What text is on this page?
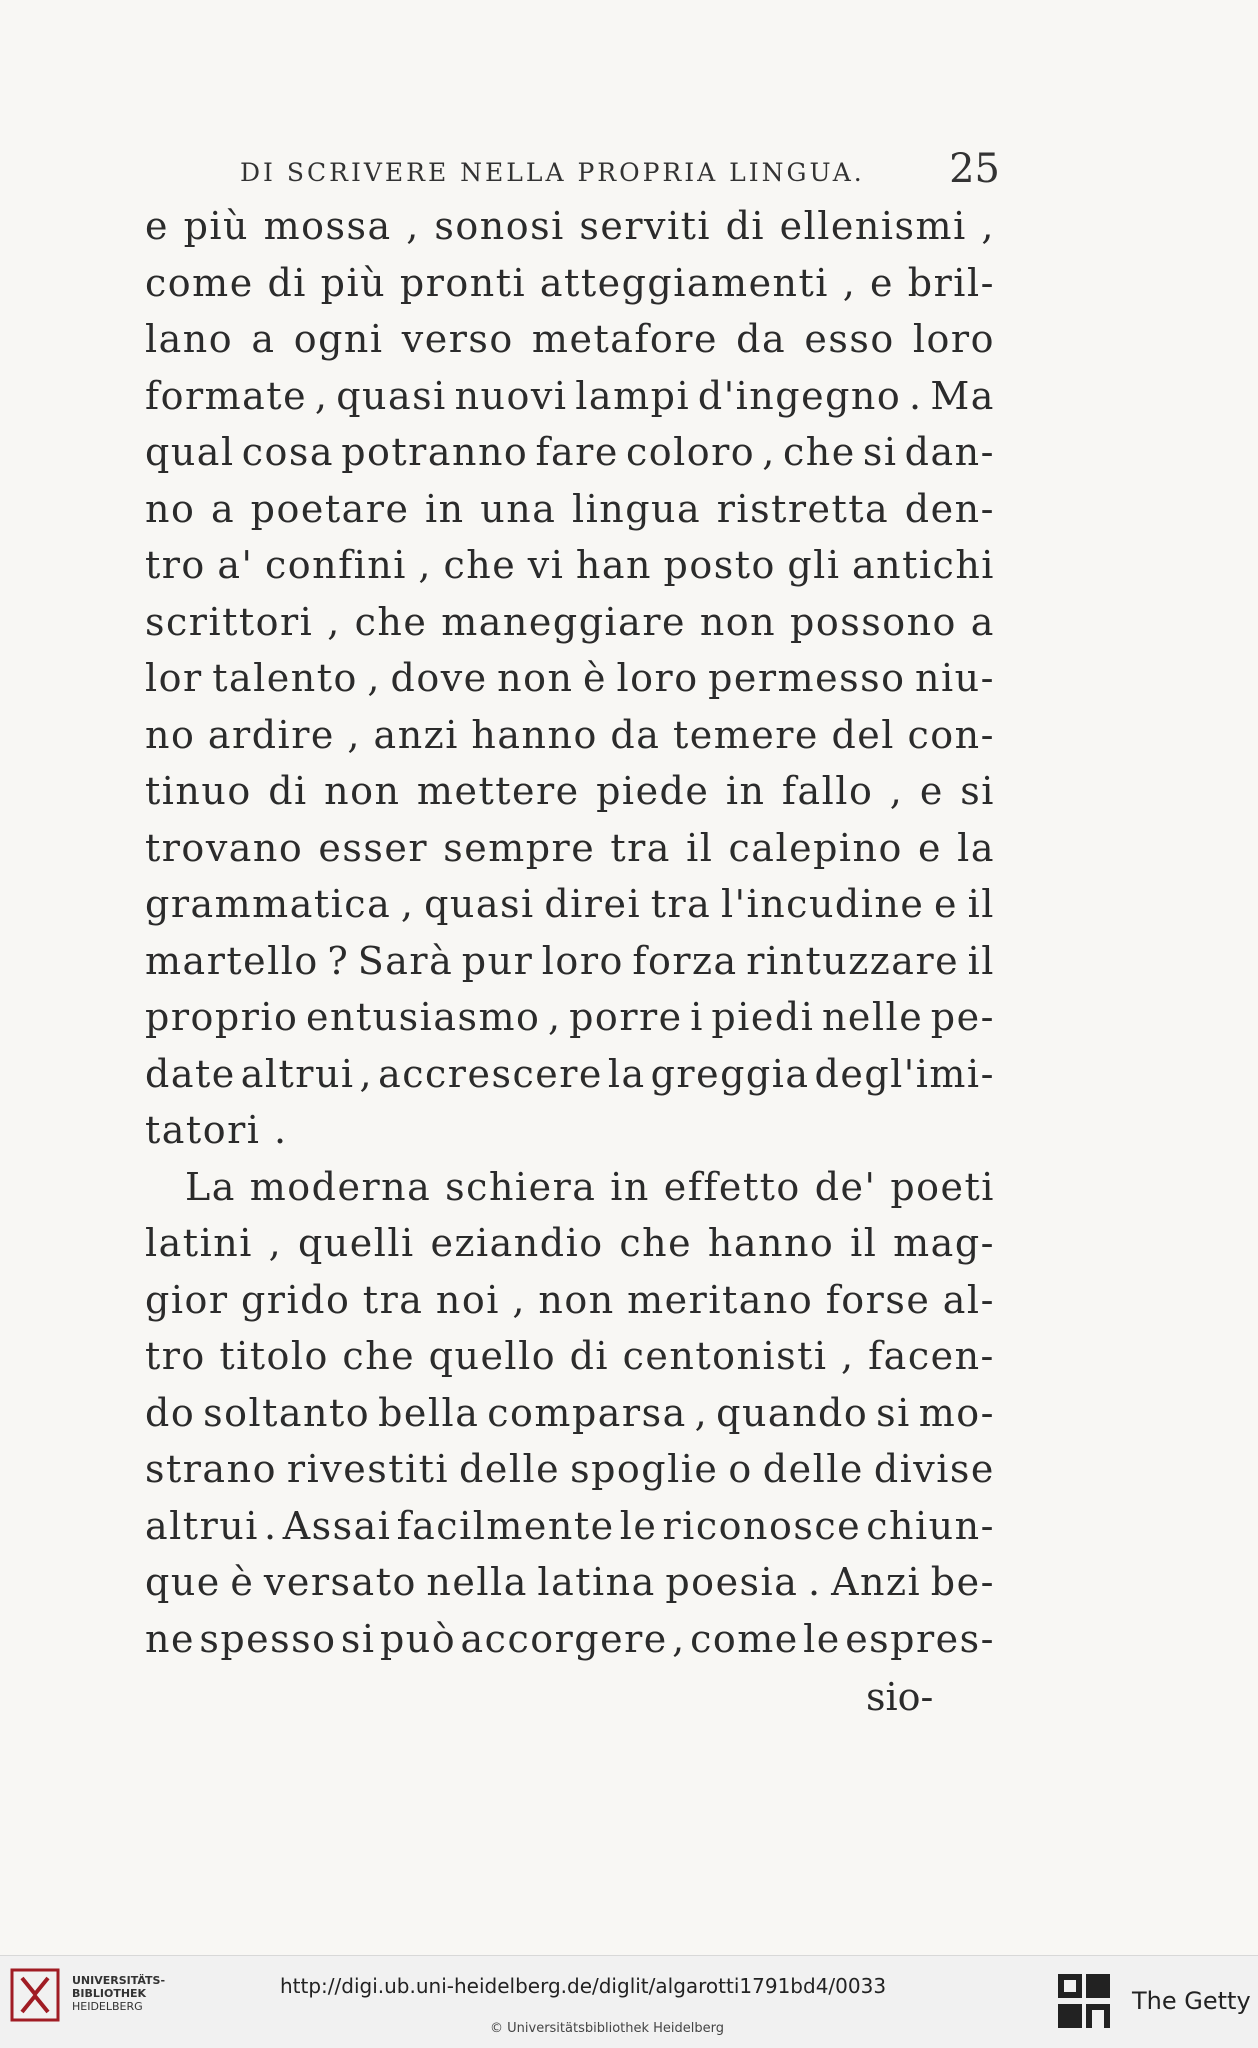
DI SCRIVERE NELLA PROPRIA LINGUA. 25
e più mossa , sonosi serviti di ellenismi ,
come di più pronti atteggiamenti , e bril-
lano a ogni verso metafore da esso loro
formate , quasi nuovi lampi d'ingegno . Ma
qual cosa potranno fare coloro , che si dan-
no a poetare in una lingua ristretta den-
tro a' confini , che vi han posto gli antichi
scrittori , che maneggiare non possono a
lor talento , dove non è loro permesso niu-
no ardire , anzi hanno da temere del con-
tinuo di non mettere piede in fallo , e si
trovano esser sempre tra il calepino e la
grammatica , quasi direi tra l'incudine e il
martello ? Sarà pur loro forza rintuzzare il
proprio entusiasmo , porre i piedi nelle pe-
date altrui , accrescere la greggia degl'imi-
tatori .
La moderna schiera in effetto de' poeti
latini , quelli eziandio che hanno il mag-
gior grido tra noi , non meritano forse al-
tro titolo che quello di centonisti , facen-
do soltanto bella comparsa , quando si mo-
strano rivestiti delle spoglie o delle divise
altrui . Assai facilmente le riconosce chiun-
que è versato nella latina poesia . Anzi be-
ne spesso si può accorgere , come le espres-
sio-
UNIVERSITÄTS-
BIBLIOTHEK
HEIDELBERG
http://digi.ub.uni-heidelberg.de/diglit/algarotti1791bd4/0033
© Universitätsbibliothek Heidelberg
The Getty
